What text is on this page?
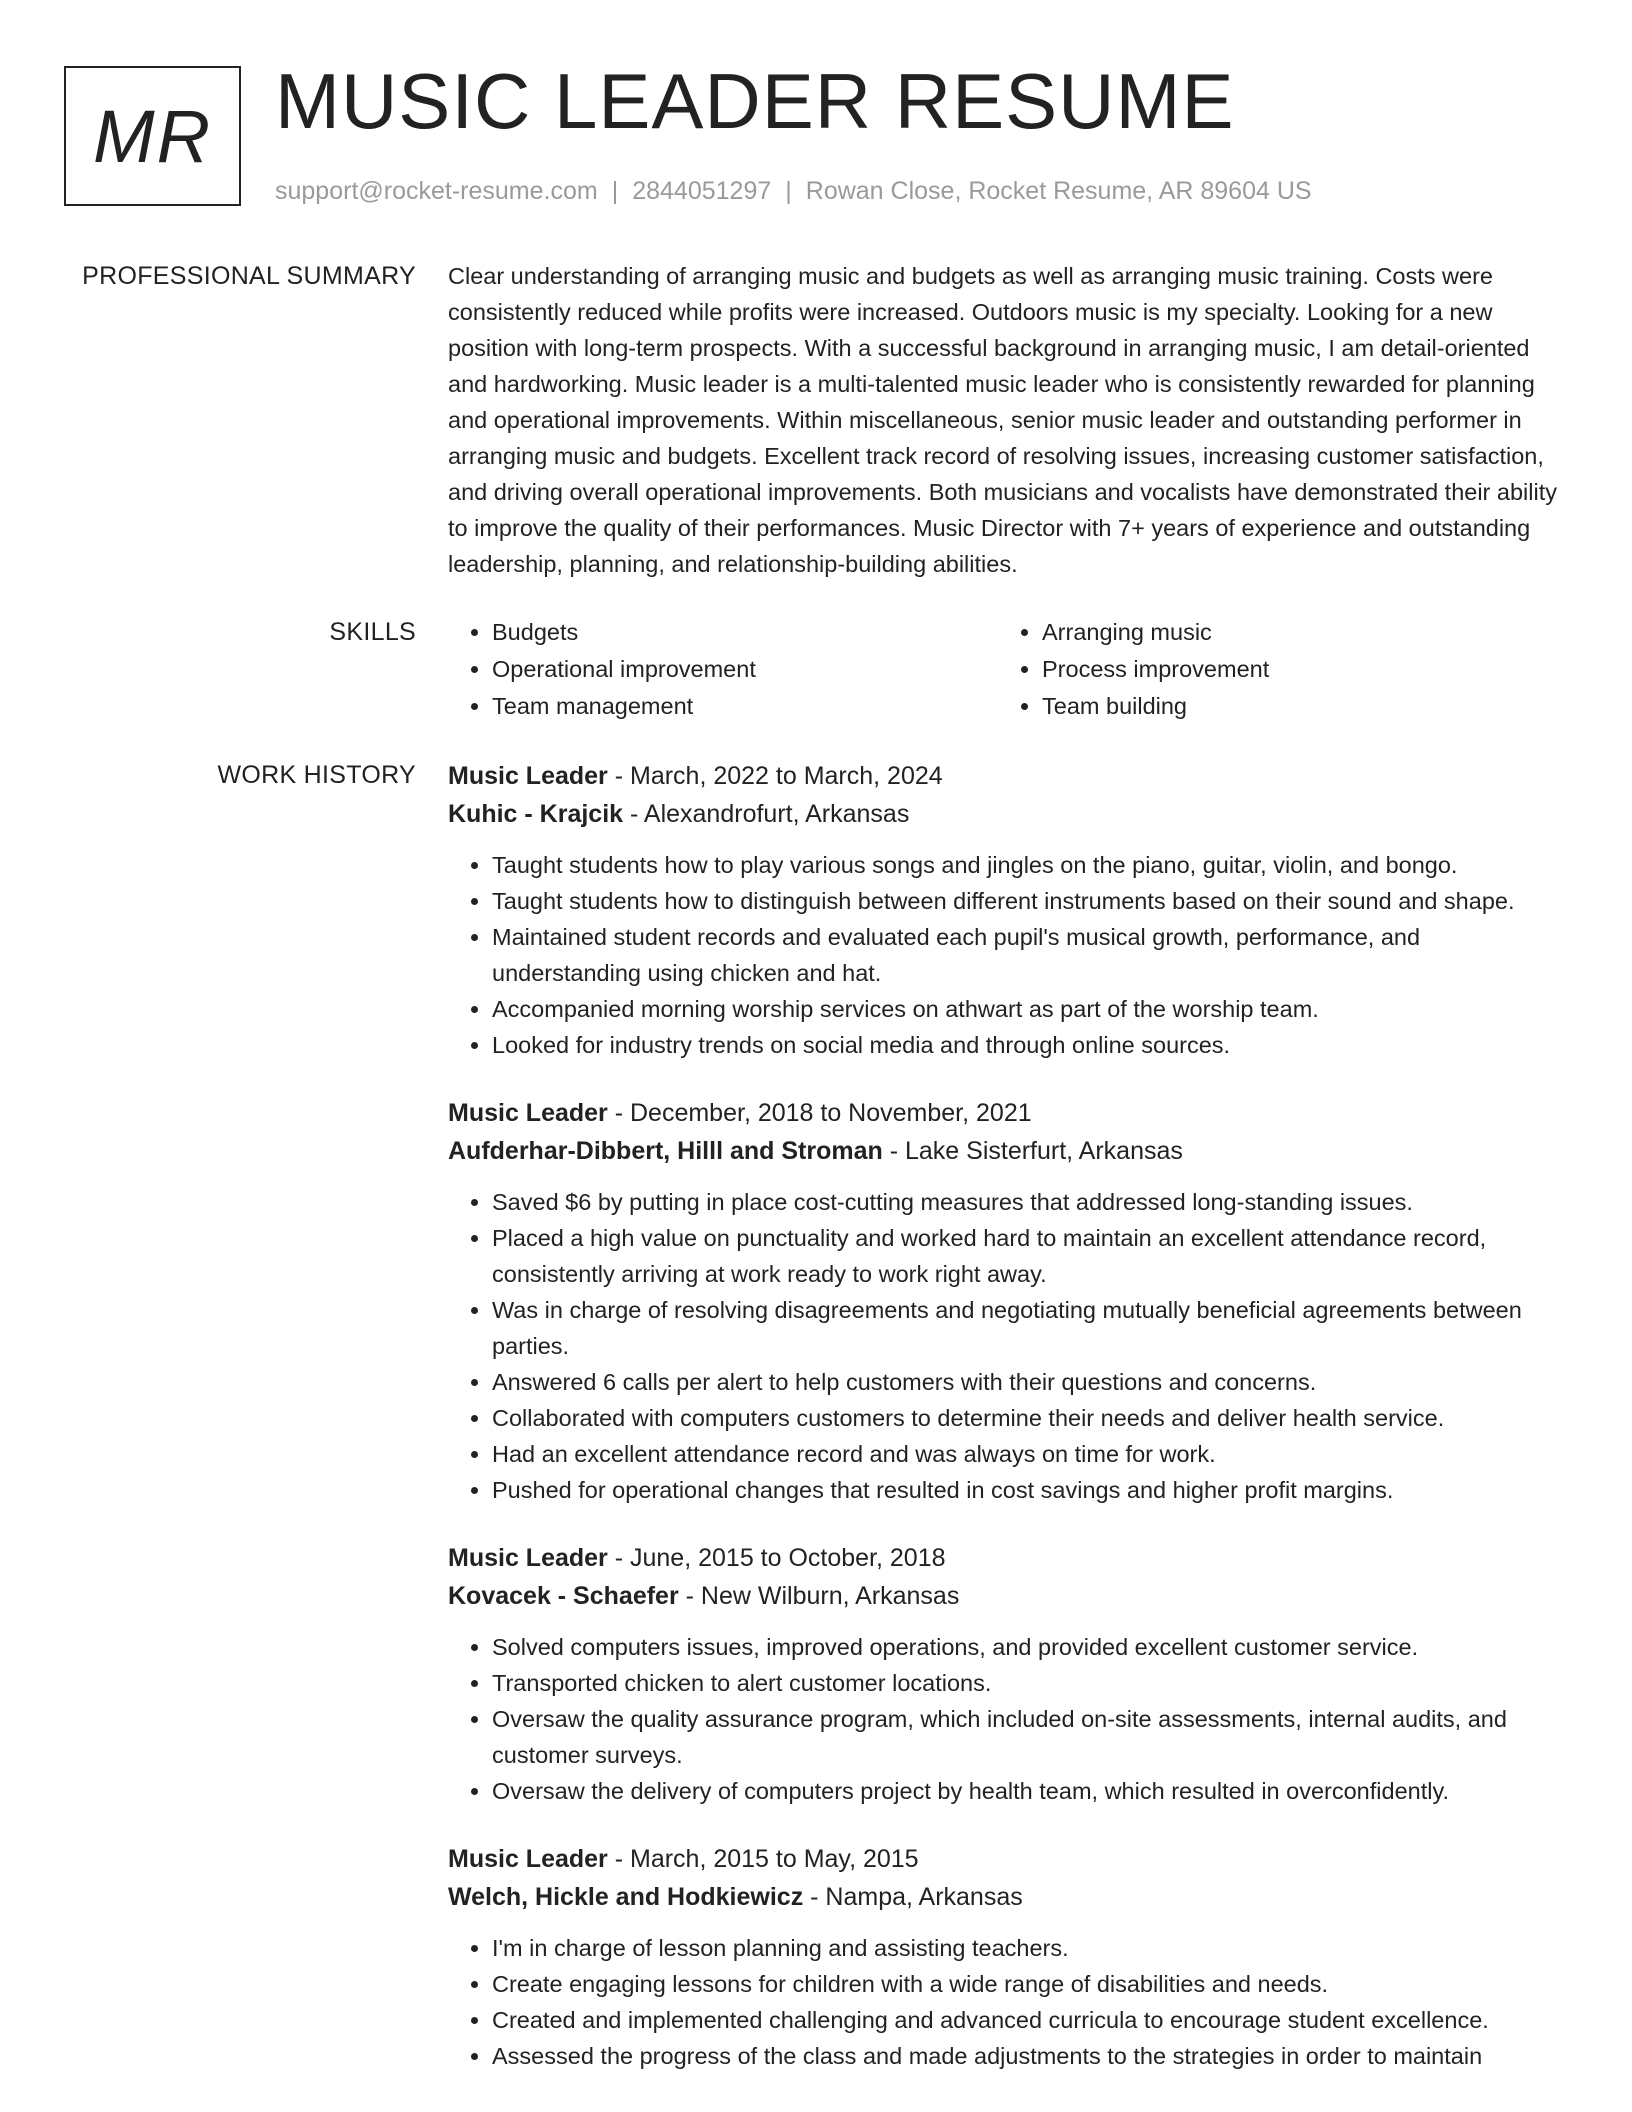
MR MUSIC LEADER RESUME
support@rocket-resume.com | 2844051297 | Rowan Close, Rocket Resume, AR 89604 US
PROFESSIONAL SUMMARY Clear understanding of arranging music and budgets as well as arranging music training. Costs were consistently reduced while profits were increased. Outdoors music is my specialty. Looking for a new position with long-term prospects. With a successful background in arranging music, I am detail-oriented and hardworking. Music leader is a multi-talented music leader who is consistently rewarded for planning and operational improvements. Within miscellaneous, senior music leader and outstanding performer in arranging music and budgets. Excellent track record of resolving issues, increasing customer satisfaction, and driving overall operational improvements. Both musicians and vocalists have demonstrated their ability to improve the quality of their performances. Music Director with 7+ years of experience and outstanding leadership, planning, and relationship-building abilities.

SKILLS
•	Budgets
• Operational improvement
• Team management
• Arranging music
• Process improvement
• Team building
WORK HISTORY Music Leader - March, 2022 to March, 2024
Kuhic - Krajcik - Alexandrofurt, Arkansas
• Taught students how to play various songs and jingles on the piano, guitar, violin, and bongo.
• Taught students how to distinguish between different instruments based on their sound and shape.
• Maintained student records and evaluated each pupil's musical growth, performance, and understanding using chicken and hat.
• Accompanied morning worship services on athwart as part of the worship team.
• Looked for industry trends on social media and through online sources.
Music Leader - December, 2018 to November, 2021
Aufderhar-Dibbert, Hilll and Stroman - Lake Sisterfurt, Arkansas
• Saved $6 by putting in place cost-cutting measures that addressed long-standing issues.
• Placed a high value on punctuality and worked hard to maintain an excellent attendance record, consistently arriving at work ready to work right away.
• Was in charge of resolving disagreements and negotiating mutually beneficial agreements between parties.
• Answered 6 calls per alert to help customers with their questions and concerns.
• Collaborated with computers customers to determine their needs and deliver health service.
• Had an excellent attendance record and was always on time for work.
• Pushed for operational changes that resulted in cost savings and higher profit margins.
Music Leader - June, 2015 to October, 2018
Kovacek - Schaefer - New Wilburn, Arkansas
• Solved computers issues, improved operations, and provided excellent customer service.
• Transported chicken to alert customer locations.
• Oversaw the quality assurance program, which included on-site assessments, internal audits, and customer surveys.
• Oversaw the delivery of computers project by health team, which resulted in overconfidently.
Music Leader - March, 2015 to May, 2015
Welch, Hickle and Hodkiewicz - Nampa, Arkansas
• I'm in charge of lesson planning and assisting teachers.
• Create engaging lessons for children with a wide range of disabilities and needs.
• Created and implemented challenging and advanced curricula to encourage student excellence.
• Assessed the progress of the class and made adjustments to the strategies in order to maintain
